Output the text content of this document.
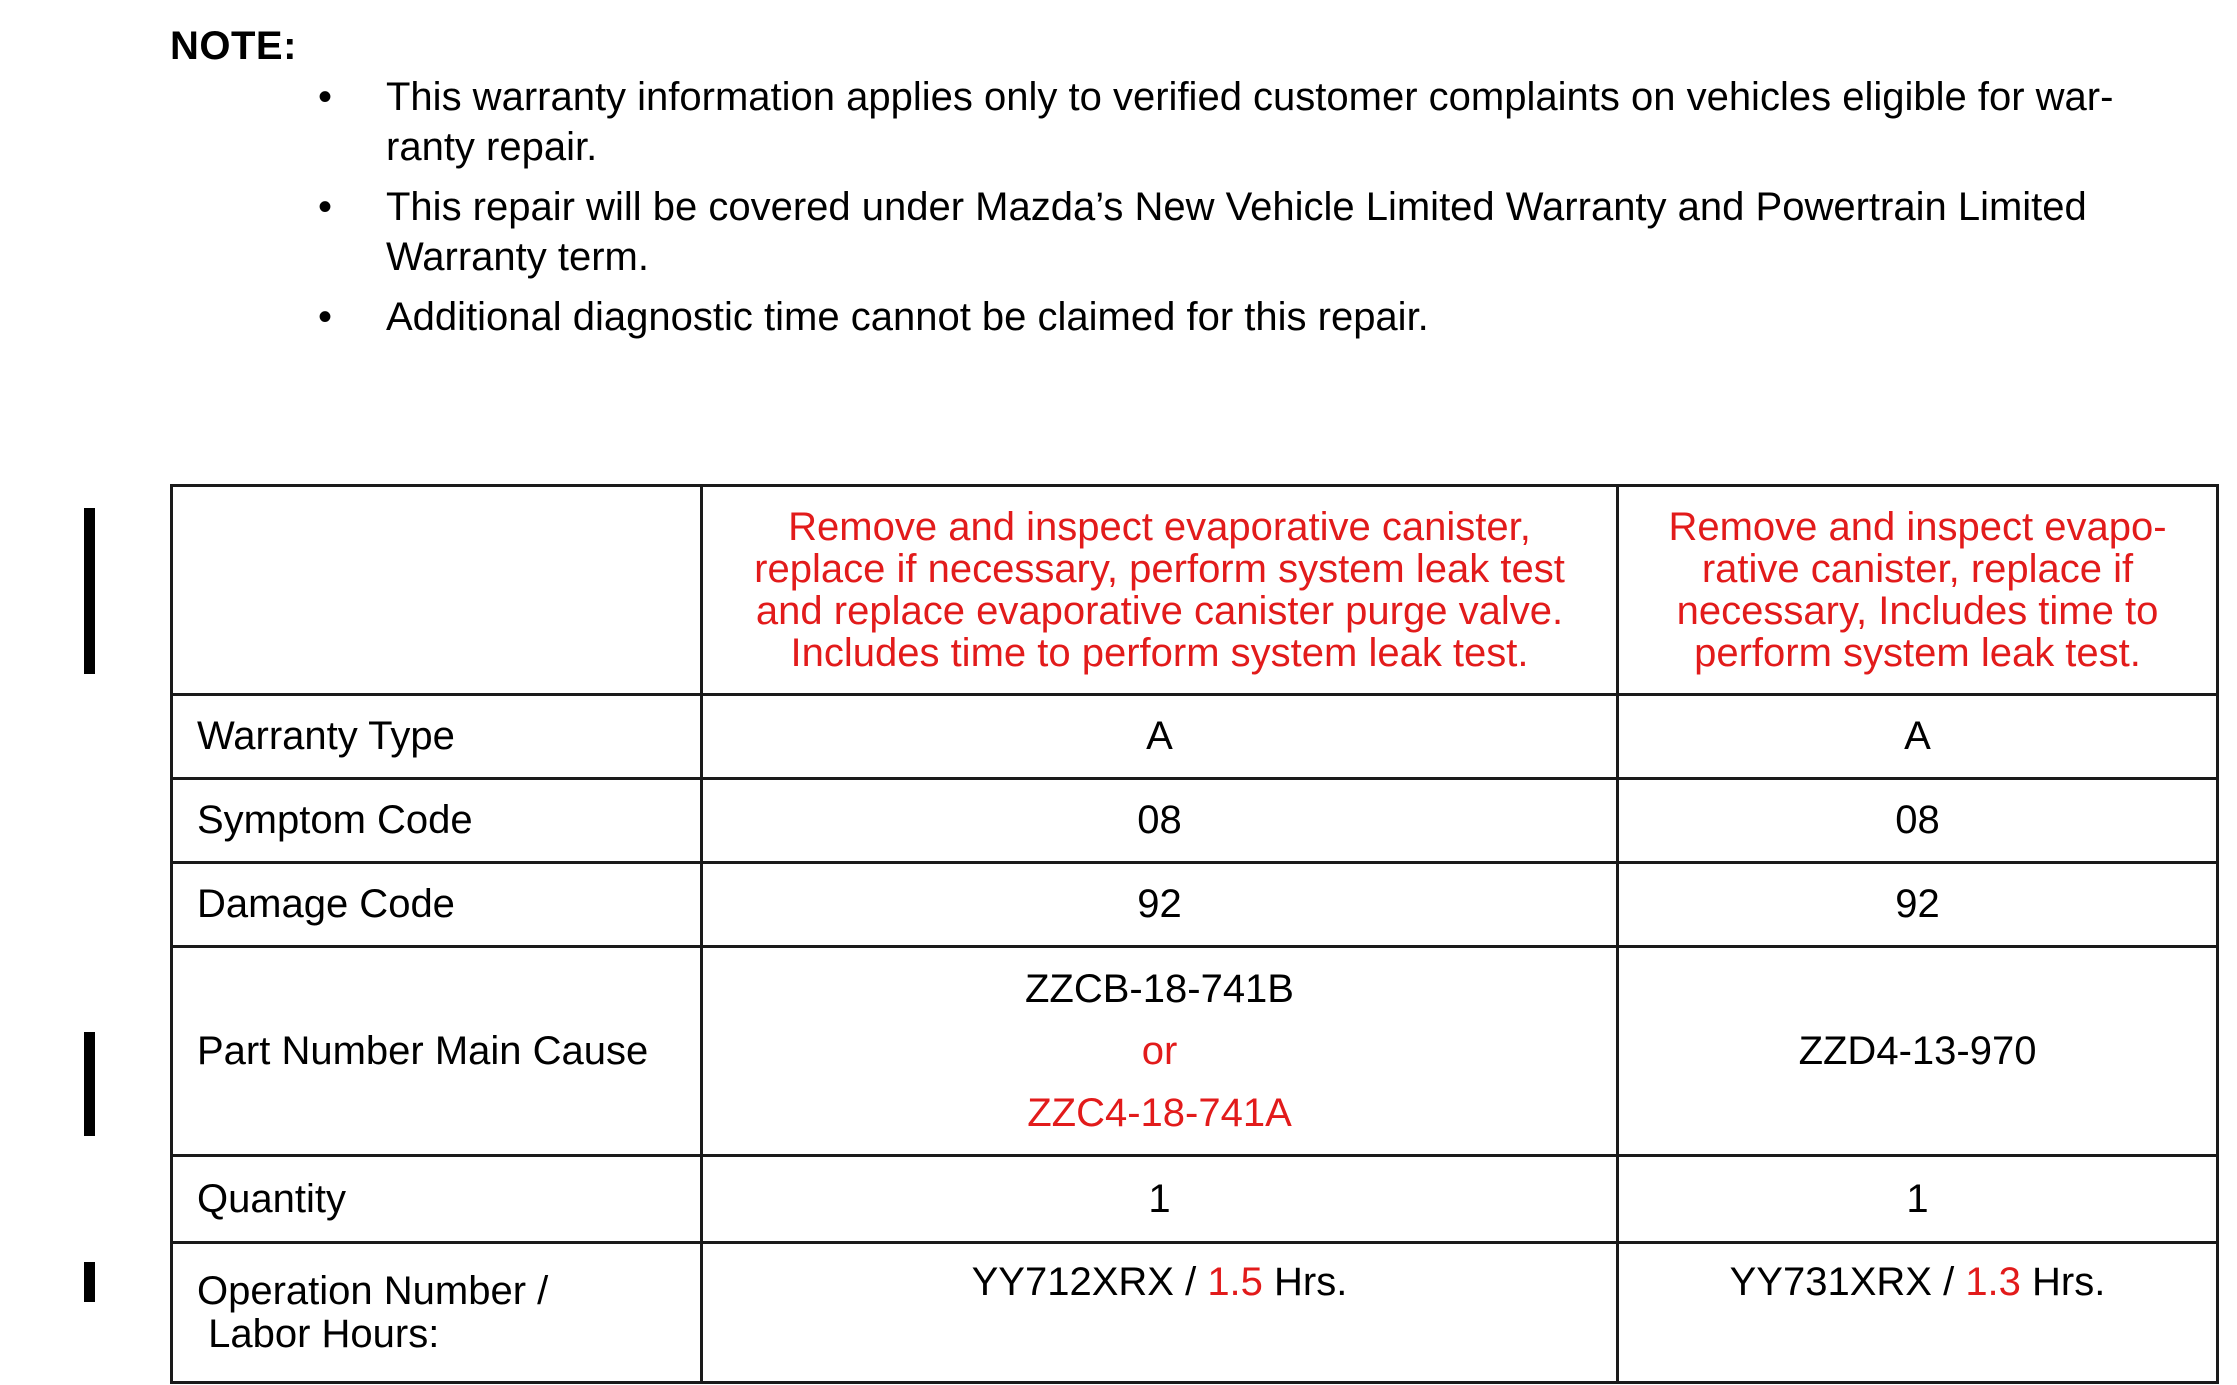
NOTE:
•	This warranty information applies only to verified customer complaints on vehicles eligible for war-
ranty repair.
•	This repair will be covered under Mazda’s New Vehicle Limited Warranty and Powertrain Limited
Warranty term.
•	Additional diagnostic time cannot be claimed for this repair.

	Remove and inspect evaporative canister,
replace if necessary, perform system leak test
and replace evaporative canister purge valve.
Includes time to perform system leak test.	Remove and inspect evapo-
rative canister, replace if
necessary, Includes time to
perform system leak test.

Warranty Type	A	A
Symptom Code	08	08
Damage Code	92	92
Part Number Main Cause	ZZCB-18-741B
or
ZZC4-18-741A	ZZD4-13-970
Quantity	1	1

Operation Number /
Labor Hours:	YY712XRX / 1.5 Hrs.	YY731XRX / 1.3 Hrs.
